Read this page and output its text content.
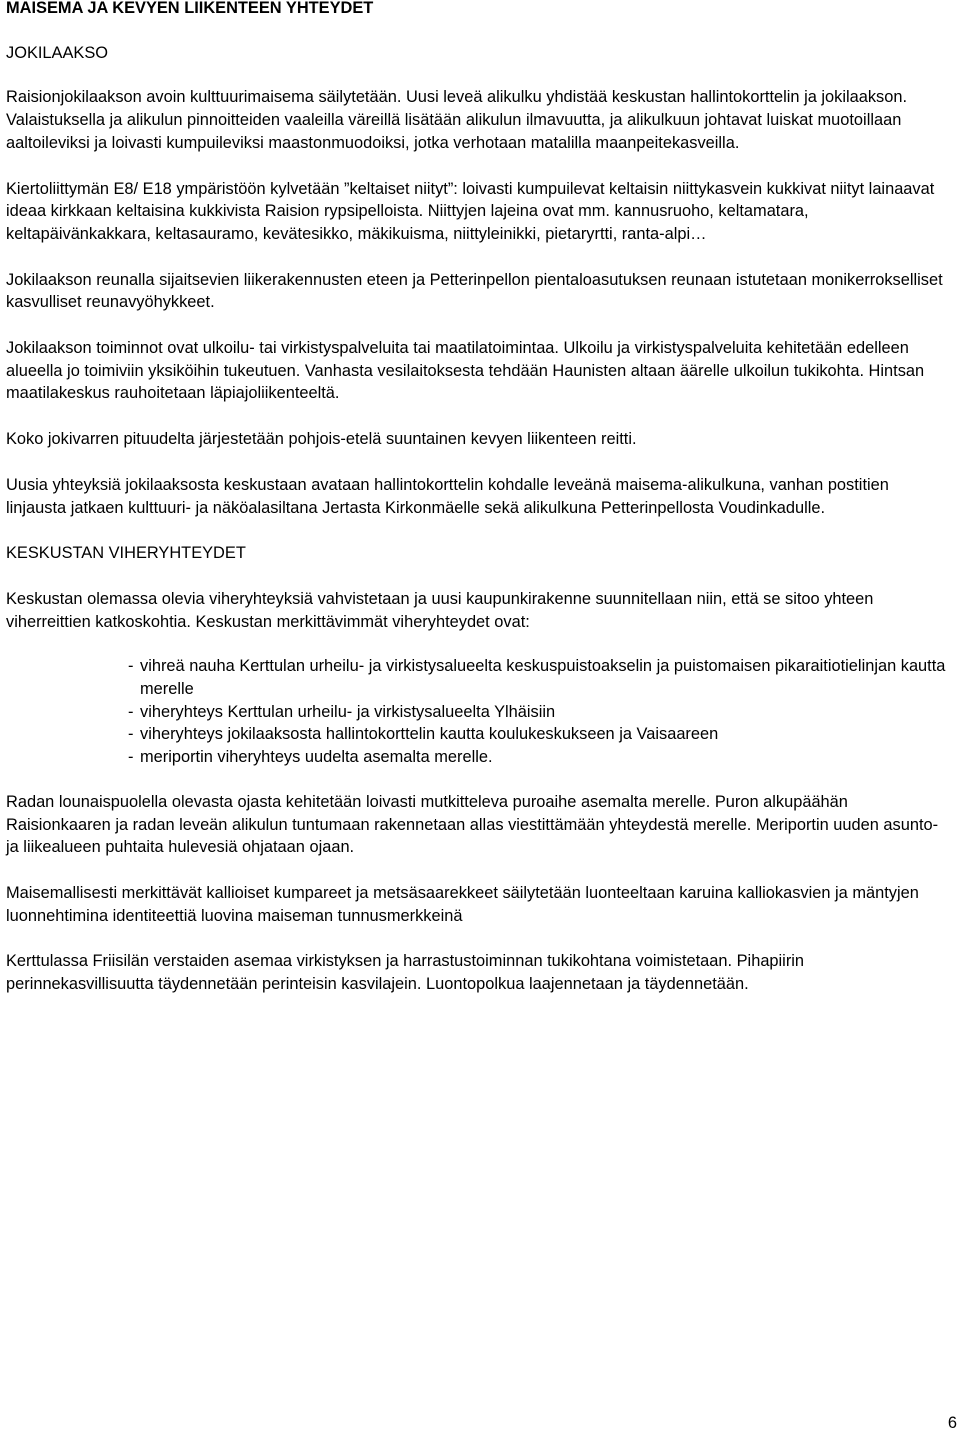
MAISEMA JA KEVYEN LIIKENTEEN YHTEYDET
JOKILAAKSO

Raisionjokilaakson avoin kulttuurimaisema säilytetään. Uusi leveä alikulku yhdistää keskustan hallintokorttelin ja jokilaakson. Valaistuksella ja alikulun pinnoitteiden vaaleilla väreillä lisätään alikulun ilmavuutta, ja alikulkuun johtavat luiskat muotoillaan aaltoileviksi ja loivasti kumpuileviksi maastonmuodoiksi, jotka verhotaan matalilla maanpeitekasveilla.

Kiertoliittymän E8/ E18 ympäristöön kylvetään ”keltaiset niityt”: loivasti kumpuilevat keltaisin niittykasvein kukkivat niityt lainaavat ideaa kirkkaan keltaisina kukkivista Raision rypsipelloista. Niittyjen lajeina ovat mm. kannusruoho, keltamatara, keltapäivänkakkara, keltasauramo, kevätesikko, mäkikuisma, niittyleinikki, pietaryrtti, ranta-alpi…

Jokilaakson reunalla sijaitsevien liikerakennusten eteen ja Petterinpellon pientaloasutuksen reunaan istutetaan monikerrokselliset kasvulliset reunavyöhykkeet.

Jokilaakson toiminnot ovat ulkoilu- tai virkistyspalveluita tai maatilatoimintaa. Ulkoilu ja virkistyspalveluita kehitetään edelleen alueella jo toimiviin yksiköihin tukeutuen. Vanhasta vesilaitoksesta tehdään Haunisten altaan äärelle ulkoilun tukikohta. Hintsan maatilakeskus rauhoitetaan läpiajoliikenteeltä.

Koko jokivarren pituudelta järjestetään pohjois-etelä suuntainen kevyen liikenteen reitti.

Uusia yhteyksiä jokilaaksosta keskustaan avataan hallintokorttelin kohdalle leveänä maisema-alikulkuna, vanhan postitien linjausta jatkaen kulttuuri- ja näköalasiltana Jertasta Kirkonmäelle sekä alikulkuna Petterinpellosta Voudinkadulle.

KESKUSTAN VIHERYHTEYDET

Keskustan olemassa olevia viheryhteyksiä vahvistetaan ja uusi kaupunkirakenne suunnitellaan niin, että se sitoo yhteen viherreittien katkoskohtia. Keskustan merkittävimmät viheryhteydet ovat:

- vihreä nauha Kerttulan urheilu- ja virkistysalueelta keskuspuistoakselin ja puistomaisen pikaraitiotielinjan kautta merelle
- viheryhteys Kerttulan urheilu- ja virkistysalueelta Ylhäisiin
- viheryhteys jokilaaksosta hallintokorttelin kautta koulukeskukseen ja Vaisaareen
- meriportin viheryhteys uudelta asemalta merelle.

Radan lounaispuolella olevasta ojasta kehitetään loivasti mutkitteleva puroaihe asemalta merelle. Puron alkupäähän Raisionkaaren ja radan leveän alikulun tuntumaan rakennetaan allas viestittämään yhteydestä merelle. Meriportin uuden asunto- ja liikealueen puhtaita hulevesiä ohjataan ojaan.

Maisemallisesti merkittävät kallioiset kumpareet ja metsäsaarekkeet säilytetään luonteeltaan karuina kalliokasvien ja mäntyjen luonnehtimina identiteettiä luovina maiseman tunnusmerkkeinä

Kerttulassa Friisilän verstaiden asemaa virkistyksen ja harrastustoiminnan tukikohtana voimistetaan. Pihapiirin perinnekasvillisuutta täydennetään perinteisin kasvilajein. Luontopolkua laajennetaan ja täydennetään.

6
